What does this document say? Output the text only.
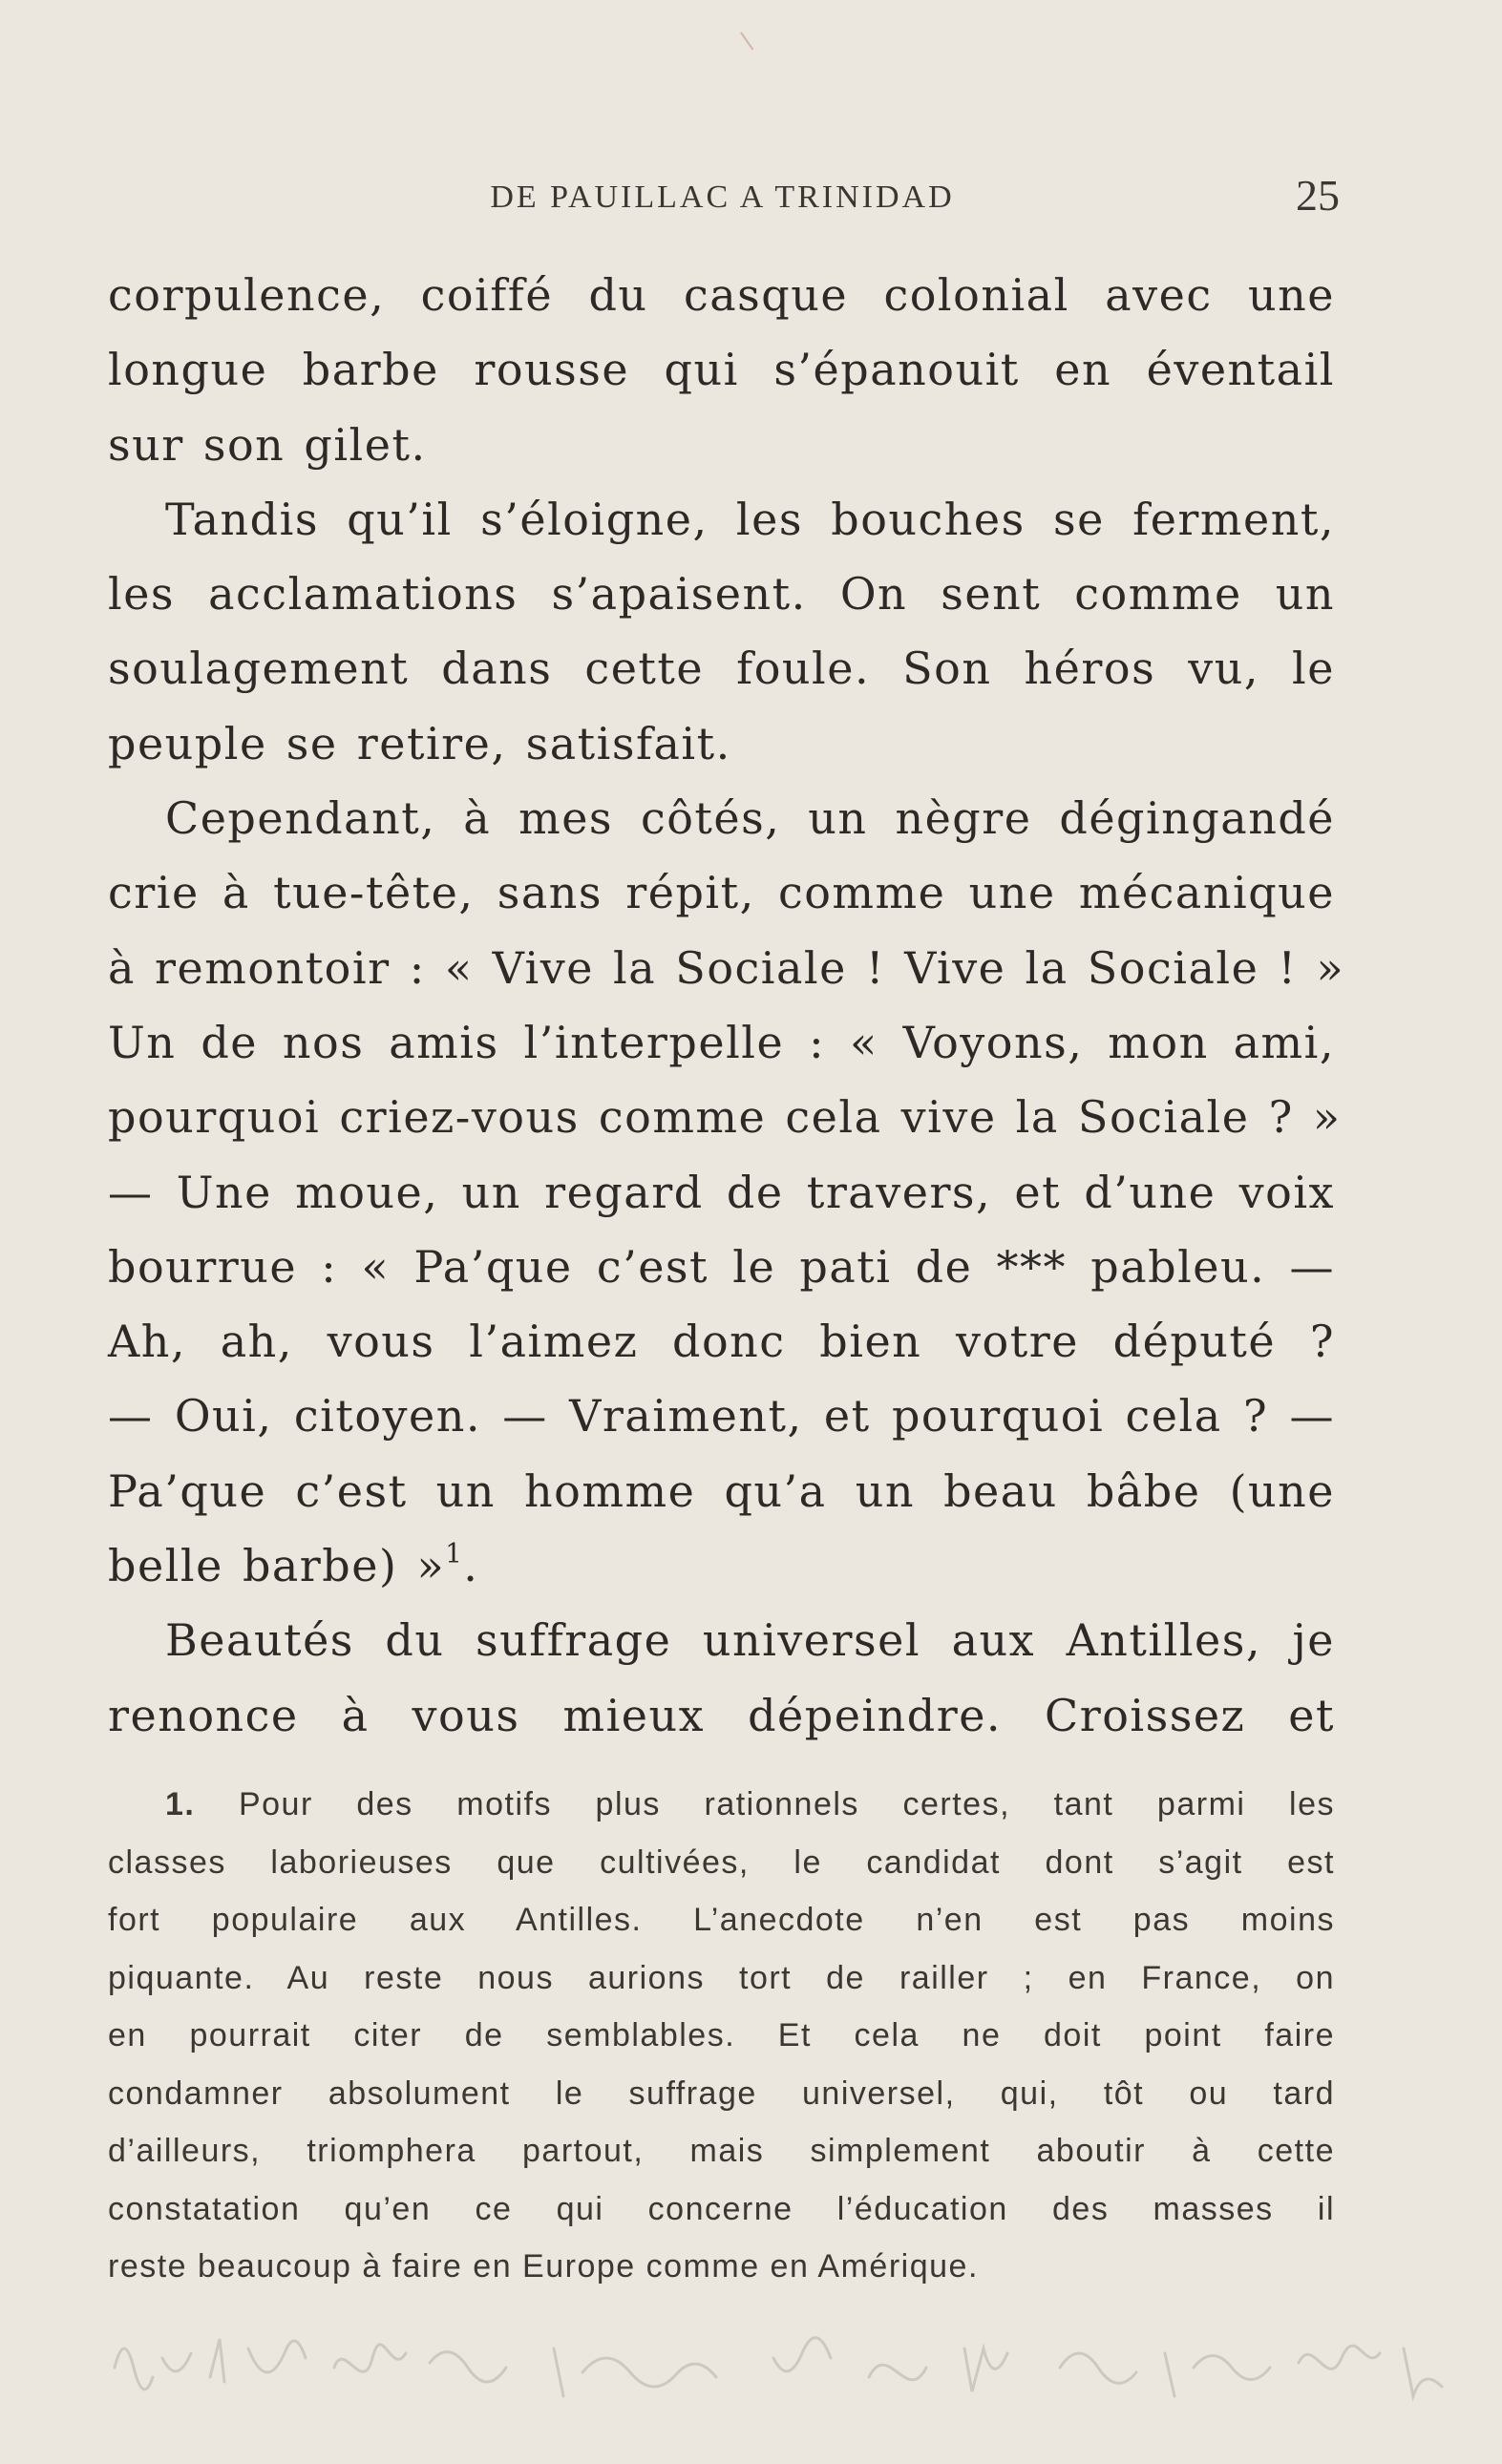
DE PAUILLAC A TRINIDAD	25

corpulence, coiffé du casque colonial avec une
longue barbe rousse qui s’épanouit en éventail
sur son gilet.

Tandis qu’il s’éloigne, les bouches se ferment,
les acclamations s’apaisent. On sent comme un
soulagement dans cette foule. Son héros vu, le
peuple se retire, satisfait.

Cependant, à mes côtés, un nègre dégingandé
crie à tue-tête, sans répit, comme une mécanique
à remontoir : « Vive la Sociale ! Vive la Sociale ! »
Un de nos amis l’interpelle : « Voyons, mon ami,
pourquoi criez-vous comme cela vive la Sociale ? »
— Une moue, un regard de travers, et d’une voix
bourrue : « Pa’que c’est le pati de *** pableu. —
Ah, ah, vous l’aimez donc bien votre député ?
— Oui, citoyen. — Vraiment, et pourquoi cela ? —
Pa’que c’est un homme qu’a un beau bâbe (une
belle barbe) »$^1$.

Beautés du suffrage universel aux Antilles, je
renonce à vous mieux dépeindre. Croissez et

1. Pour des motifs plus rationnels certes, tant parmi les
classes laborieuses que cultivées, le candidat dont s’agit est
fort populaire aux Antilles. L’anecdote n’en est pas moins
piquante. Au reste nous aurions tort de railler ; en France, on
en pourrait citer de semblables. Et cela ne doit point faire
condamner absolument le suffrage universel, qui, tôt ou tard
d’ailleurs, triomphera partout, mais simplement aboutir à cette
constatation qu’en ce qui concerne l’éducation des masses il
reste beaucoup à faire en Europe comme en Amérique.
